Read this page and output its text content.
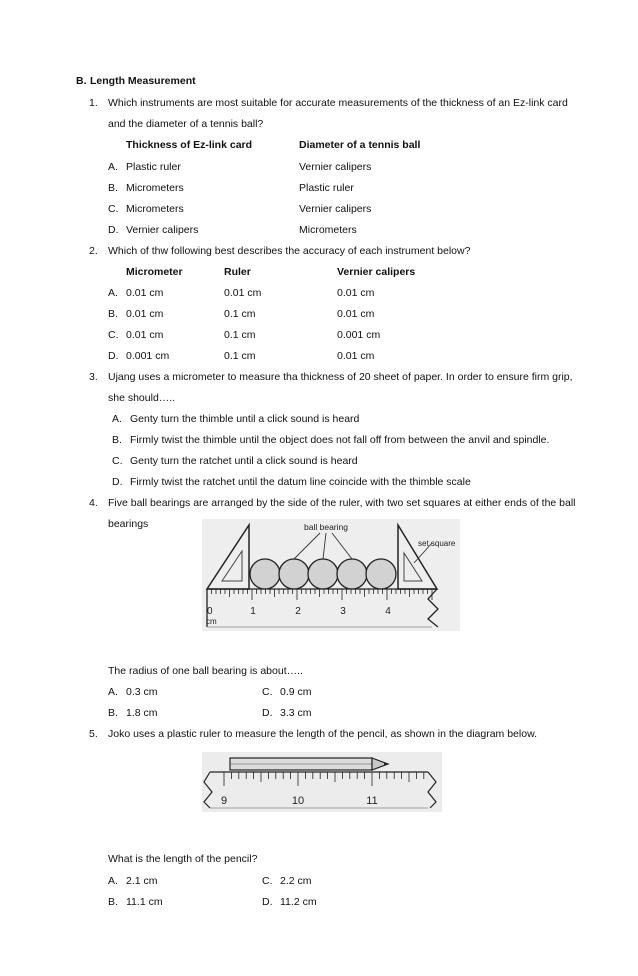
B. Length Measurement
1. Which instruments are most suitable for accurate measurements of the thickness of an Ez-link card
and the diameter of a tennis ball?
Thickness of Ez-link card	Diameter of a tennis ball
A. Plastic ruler	Vernier calipers
B. Micrometers	Plastic ruler
C. Micrometers	Vernier calipers
D. Vernier calipers	Micrometers
2. Which of thw following best describes the accuracy of each instrument below?
Micrometer	Ruler	Vernier calipers
A. 0.01 cm	0.01 cm	0.01 cm
B. 0.01 cm	0.1 cm	0.01 cm
C. 0.01 cm	0.1 cm	0.001 cm
D. 0.001 cm	0.1 cm	0.01 cm
3. Ujang uses a micrometer to measure tha thickness of 20 sheet of paper. In order to ensure firm grip,
she should…..
A. Genty turn the thimble until a click sound is heard
B. Firmly twist the thimble until the object does not fall off from between the anvil and spindle.
C. Genty turn the ratchet until a click sound is heard
D. Firmly twist the ratchet until the datum line coincide with the thimble scale
4. Five ball bearings are arranged by the side of the ruler, with two set squares at either ends of the ball
bearings	ball bearing
set square
0	1	2	3	4
cm
The radius of one ball bearing is about…..
A. 0.3 cm	C. 0.9 cm
B. 1.8 cm	D. 3.3 cm
5. Joko uses a plastic ruler to measure the length of the pencil, as shown in the diagram below.
9	10	11
What is the length of the pencil?
A. 2.1 cm	C. 2.2 cm
B. 11.1 cm	D. 11.2 cm
